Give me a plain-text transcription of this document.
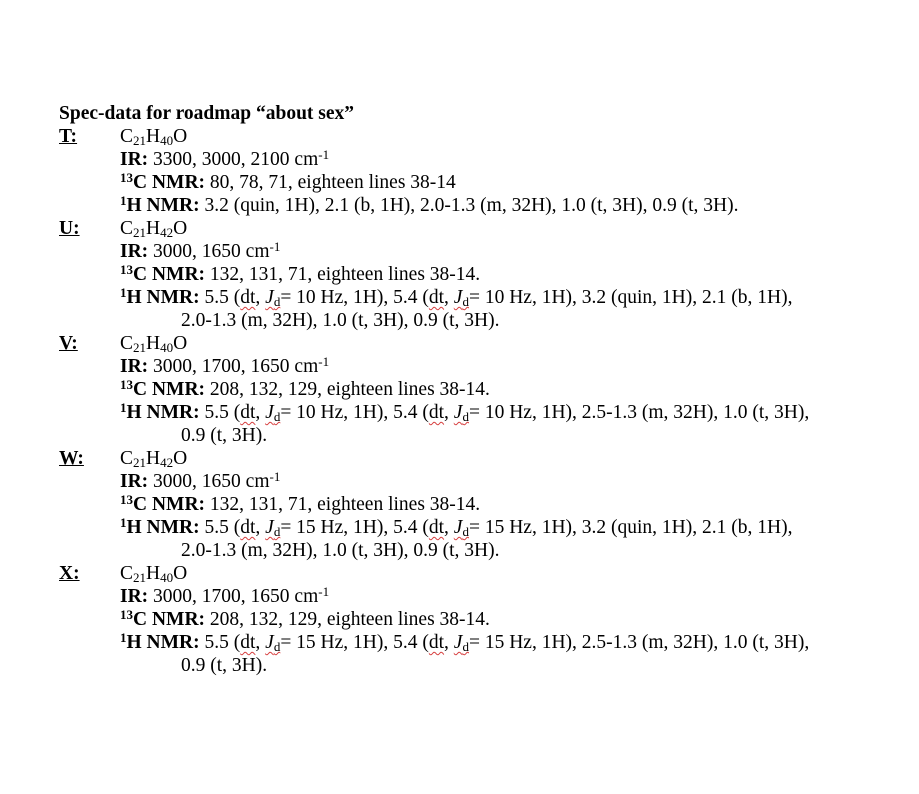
Spec-data for roadmap “about sex”
T: $C_{21}H_{40}O$
IR: 3300, 3000, 2100 $cm^{-1}$
$^{13}$C NMR: 80, 78, 71, eighteen lines 38-14
$^1$H NMR: 3.2 (quin, 1H), 2.1 (b, 1H), 2.0-1.3 (m, 32H), 1.0 (t, 3H), 0.9 (t, 3H).
U: $C_{21}H_{42}O$
IR: 3000, 1650 $cm^{-1}$
$^{13}$C NMR: 132, 131, 71, eighteen lines 38-14.
$^1$H NMR: 5.5 (dt, $J_d= 10$ Hz, 1H), 5.4 (dt, $J_d= 10$ Hz, 1H), 3.2 (quin, 1H), 2.1 (b, 1H),
2.0-1.3 (m, 32H), 1.0 (t, 3H), 0.9 (t, 3H).
V: $C_{21}H_{40}O$
IR: 3000, 1700, 1650 $cm^{-1}$
$^{13}$C NMR: 208, 132, 129, eighteen lines 38-14.
$^1$H NMR: 5.5 (dt, $J_d= 10$ Hz, 1H), 5.4 (dt, $J_d= 10$ Hz, 1H), 2.5-1.3 (m, 32H), 1.0 (t, 3H),
0.9 (t, 3H).
W: $C_{21}H_{42}O$
IR: 3000, 1650 $cm^{-1}$
$^{13}$C NMR: 132, 131, 71, eighteen lines 38-14.
$^1$H NMR: 5.5 (dt, $J_d= 15$ Hz, 1H), 5.4 (dt, $J_d= 15$ Hz, 1H), 3.2 (quin, 1H), 2.1 (b, 1H),
2.0-1.3 (m, 32H), 1.0 (t, 3H), 0.9 (t, 3H).
X: $C_{21}H_{40}O$
IR: 3000, 1700, 1650 $cm^{-1}$
$^{13}$C NMR: 208, 132, 129, eighteen lines 38-14.
$^1$H NMR: 5.5 (dt, $J_d= 15$ Hz, 1H), 5.4 (dt, $J_d= 15$ Hz, 1H), 2.5-1.3 (m, 32H), 1.0 (t, 3H),
0.9 (t, 3H).
